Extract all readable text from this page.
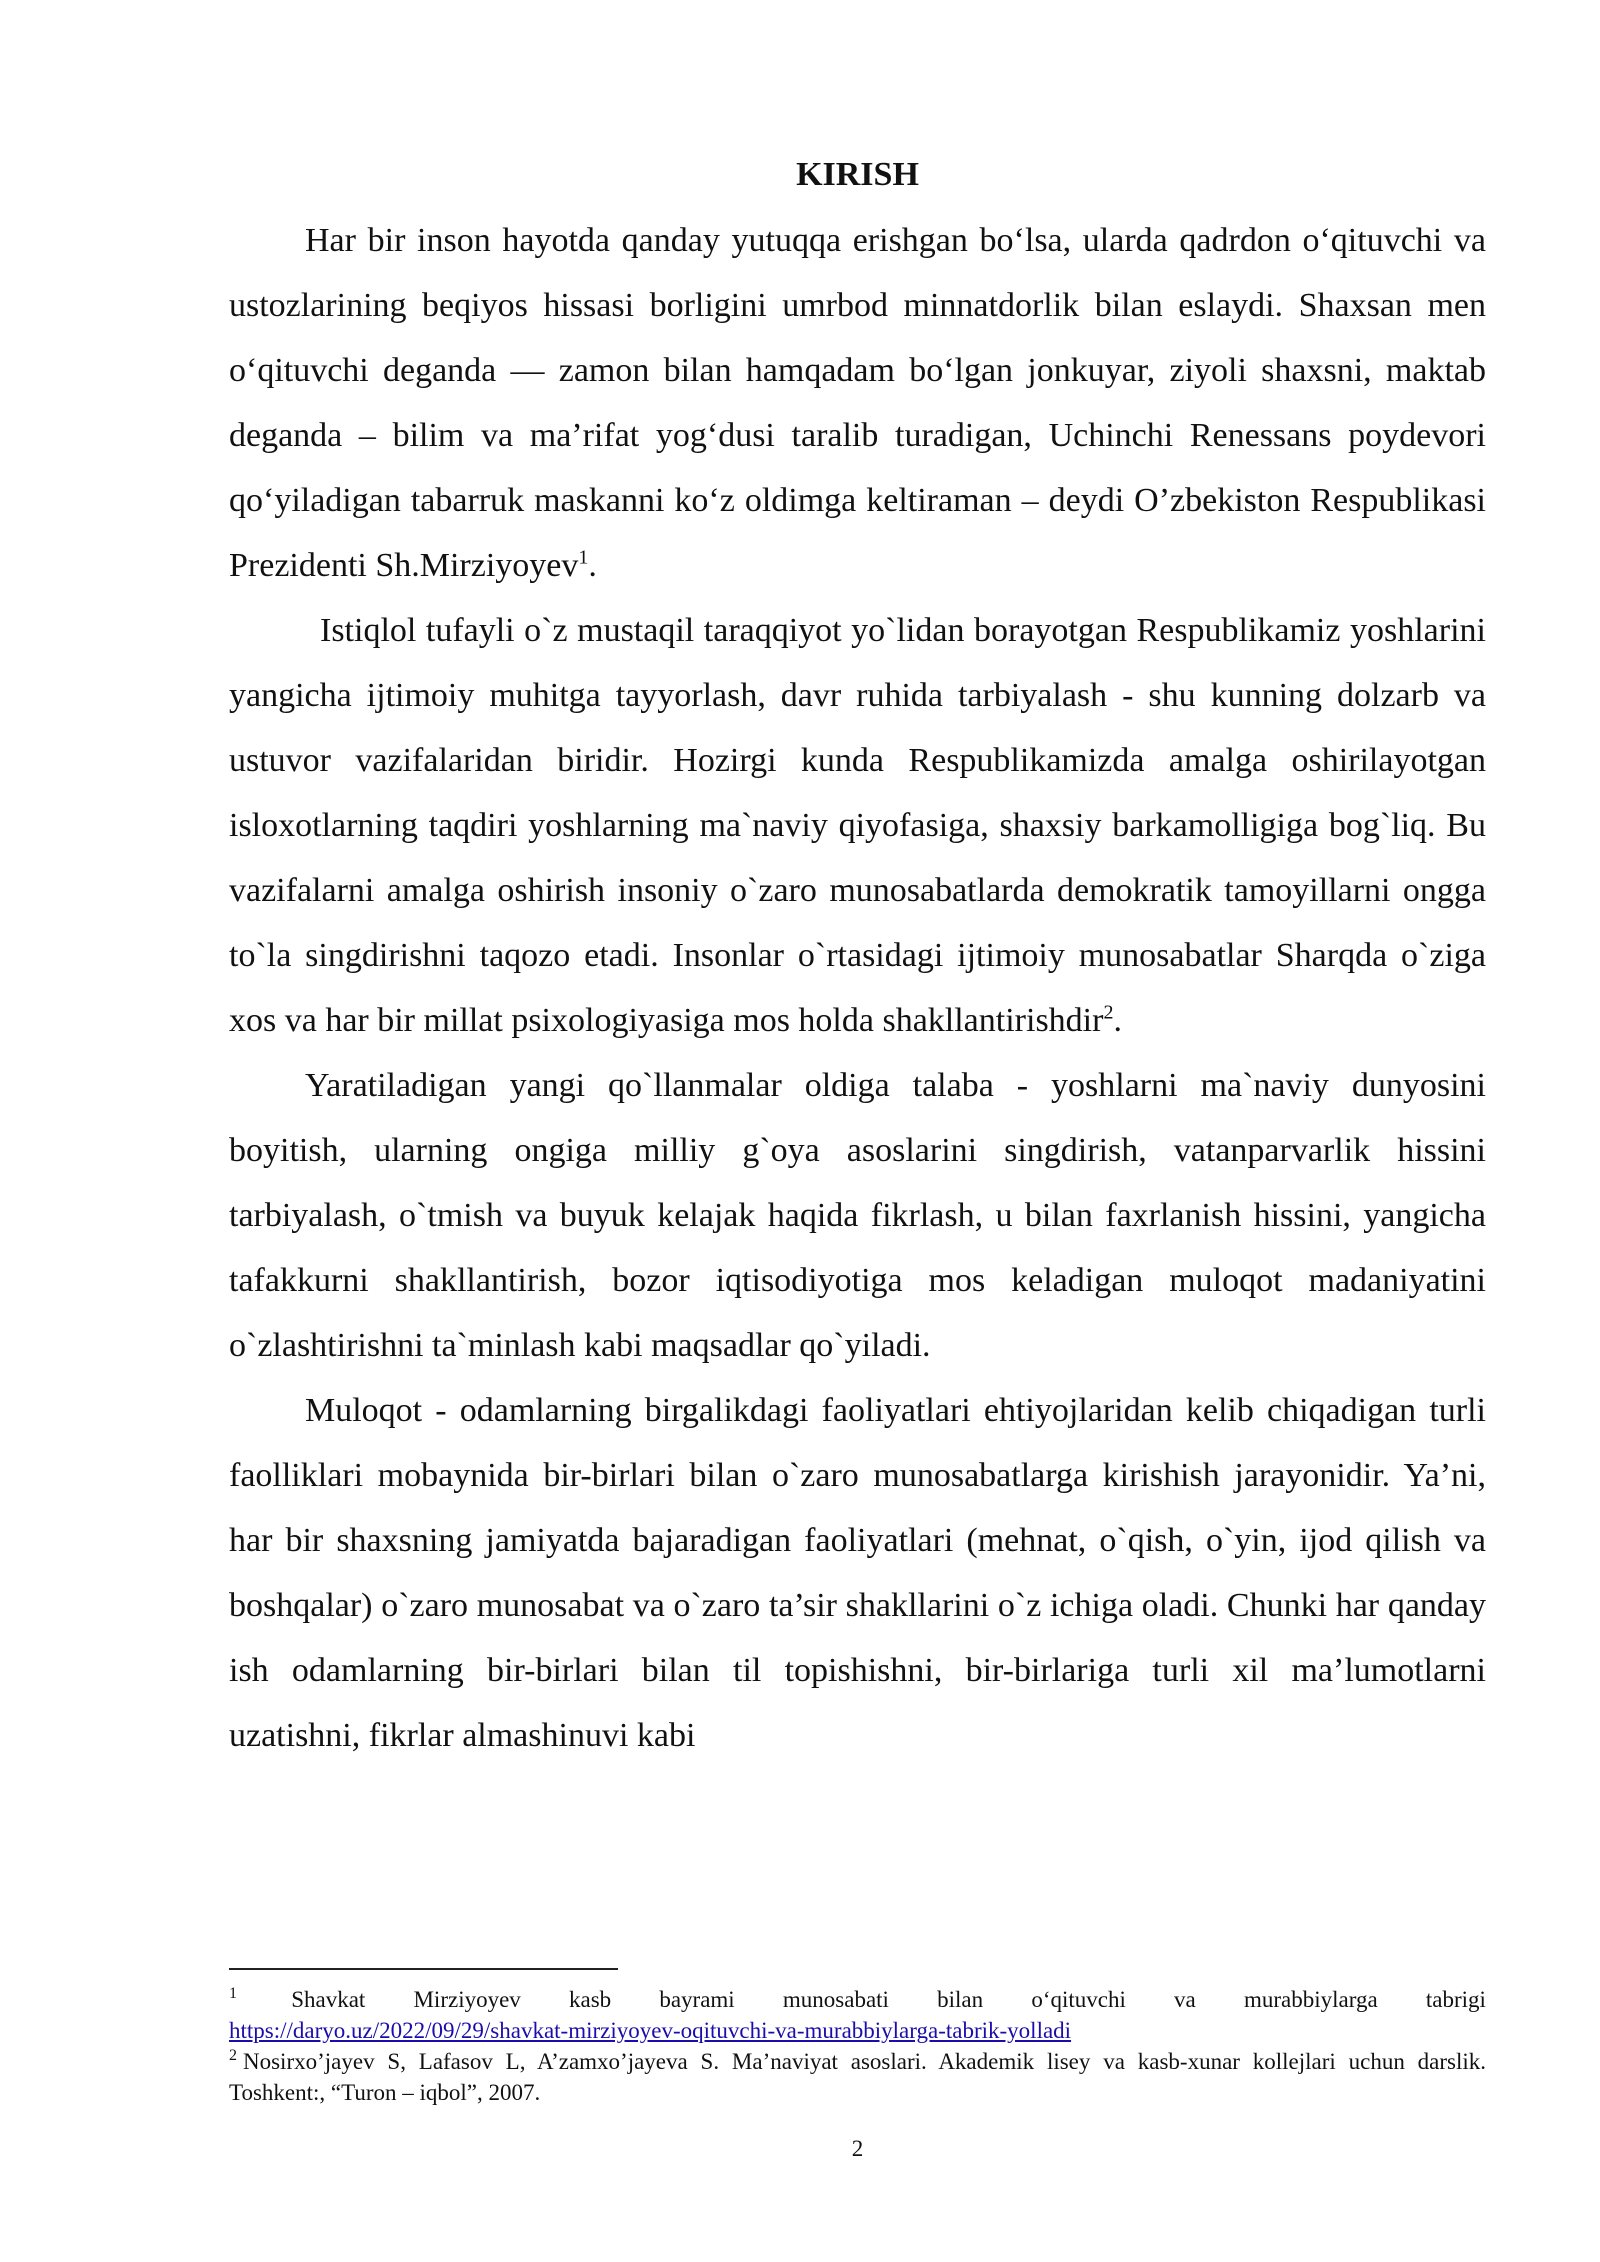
KIRISH

Har bir inson hayotda qanday yutuqqa erishgan bo‘lsa, ularda qadrdon o‘qituvchi va ustozlarining beqiyos hissasi borligini umrbod minnatdorlik bilan eslaydi. Shaxsan men o‘qituvchi deganda — zamon bilan hamqadam bo‘lgan jonkuyar, ziyoli shaxsni, maktab deganda – bilim va ma’rifat yog‘dusi taralib turadigan, Uchinchi Renessans poydevori qo‘yiladigan tabarruk maskanni ko‘z oldimga keltiraman – deydi O’zbekiston Respublikasi Prezidenti Sh.Mirziyoyev$^1$.

Istiqlol tufayli o`z mustaqil taraqqiyot yo`lidan borayotgan Respublikamiz yoshlarini yangicha ijtimoiy muhitga tayyorlash, davr ruhida tarbiyalash - shu kunning dolzarb va ustuvor vazifalaridan biridir. Hozirgi kunda Respublikamizda amalga oshirilayotgan isloxotlarning taqdiri yoshlarning ma`naviy qiyofasiga, shaxsiy barkamolligiga bog`liq. Bu vazifalarni amalga oshirish insoniy o`zaro munosabatlarda demokratik tamoyillarni ongga to`la singdirishni taqozo etadi. Insonlar o`rtasidagi ijtimoiy munosabatlar Sharqda o`ziga xos va har bir millat psixologiyasiga mos holda shakllantirishdir$^2$.

Yaratiladigan yangi qo`llanmalar oldiga talaba - yoshlarni ma`naviy dunyosini boyitish, ularning ongiga milliy g`oya asoslarini singdirish, vatanparvarlik hissini tarbiyalash, o`tmish va buyuk kelajak haqida fikrlash, u bilan faxrlanish hissini, yangicha tafakkurni shakllantirish, bozor iqtisodiyotiga mos keladigan muloqot madaniyatini o`zlashtirishni ta`minlash kabi maqsadlar qo`yiladi.

Muloqot - odamlarning birgalikdagi faoliyatlari ehtiyojlaridan kelib chiqadigan turli faolliklari mobaynida bir-birlari bilan o`zaro munosabatlarga kirishish jarayonidir. Ya’ni, har bir shaxsning jamiyatda bajaradigan faoliyatlari (mehnat, o`qish, o`yin, ijod qilish va boshqalar) o`zaro munosabat va o`zaro ta’sir shakllarini o`z ichiga oladi. Chunki har qanday ish odamlarning bir-birlari bilan til topishishni, bir-birlariga turli xil ma’lumotlarni uzatishni, fikrlar almashinuvi kabi

$^1$ Shavkat Mirziyoyev kasb bayrami munosabati bilan o‘qituvchi va murabbiylarga tabrigi
https://daryo.uz/2022/09/29/shavkat-mirziyoyev-oqituvchi-va-murabbiylarga-tabrik-yolladi

$^2$ Nosirxo’jayev S, Lafasov L, A’zamxo’jayeva S. Ma’naviyat asoslari. Akademik lisey va kasb-xunar kollejlari uchun darslik. Toshkent:, “Turon – iqbol”, 2007.

2
